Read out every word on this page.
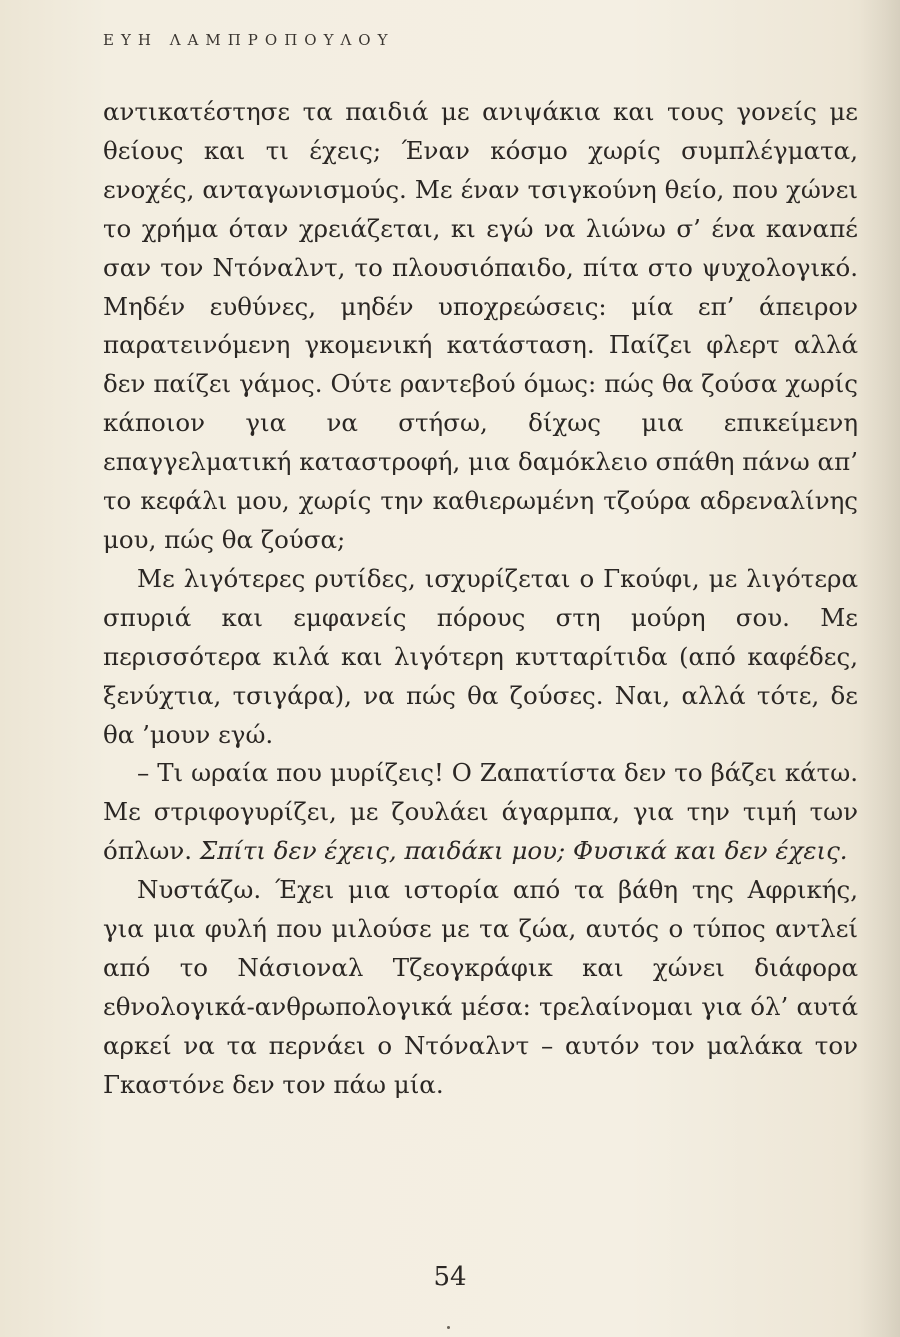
ΕΥΗ ΛΑΜΠΡΟΠΟΥΛΟΥ

αντικατέστησε τα παιδιά με ανιψάκια και τους γονείς με θείους και τι έχεις; Έναν κόσμο χωρίς συμπλέγματα, ενοχές, ανταγωνισμούς. Με έναν τσιγκούνη θείο, που χώνει το χρήμα όταν χρειάζεται, κι εγώ να λιώνω σ’ ένα καναπέ σαν τον Ντόναλντ, το πλουσιόπαιδο, πίτα στο ψυχολογικό. Μηδέν ευθύνες, μηδέν υποχρεώσεις: μία επ’ άπειρον παρατεινόμενη γκομενική κατάσταση. Παίζει φλερτ αλλά δεν παίζει γάμος. Ούτε ραντεβού όμως: πώς θα ζούσα χωρίς κάποιον για να στήσω, δίχως μια επικείμενη επαγγελματική καταστροφή, μια δαμόκλειο σπάθη πάνω απ’ το κεφάλι μου, χωρίς την καθιερωμένη τζούρα αδρεναλίνης μου, πώς θα ζούσα;

Με λιγότερες ρυτίδες, ισχυρίζεται ο Γκούφι, με λιγότερα σπυριά και εμφανείς πόρους στη μούρη σου. Με περισσότερα κιλά και λιγότερη κυτταρίτιδα (από καφέδες, ξενύχτια, τσιγάρα), να πώς θα ζούσες. Ναι, αλλά τότε, δε θα ’μουν εγώ.

– Τι ωραία που μυρίζεις! Ο Ζαπατίστα δεν το βάζει κάτω. Με στριφογυρίζει, με ζουλάει άγαρμπα, για την τιμή των όπλων. Σπίτι δεν έχεις, παιδάκι μου; Φυσικά και δεν έχεις.

Νυστάζω. Έχει μια ιστορία από τα βάθη της Αφρικής, για μια φυλή που μιλούσε με τα ζώα, αυτός ο τύπος αντλεί από το Νάσιοναλ Τζεογκράφικ και χώνει διάφορα εθνολογικά-ανθρωπολογικά μέσα: τρελαίνομαι για όλ’ αυτά αρκεί να τα περνάει ο Ντόναλντ – αυτόν τον μαλάκα τον Γκαστόνε δεν τον πάω μία.

54
